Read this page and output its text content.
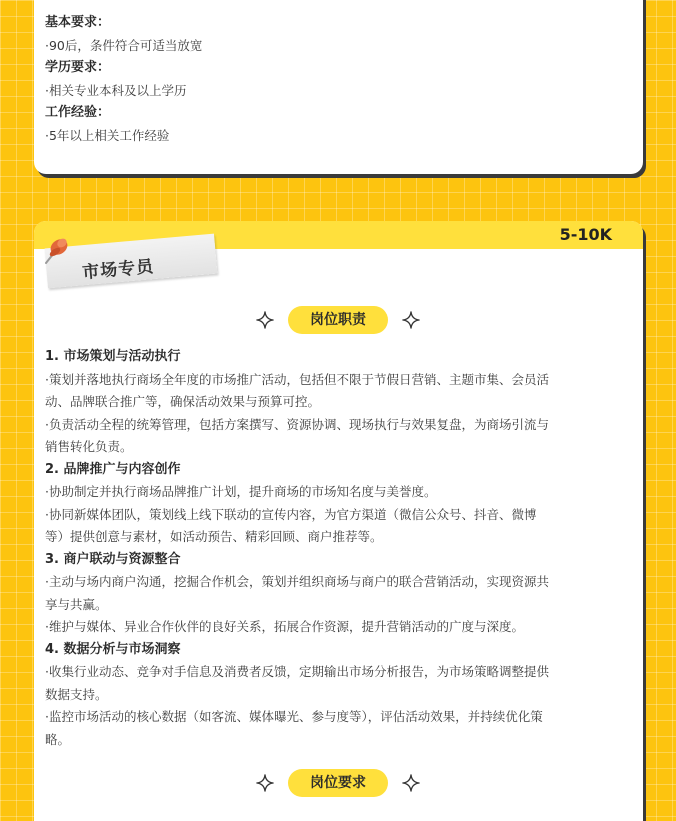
基本要求：
·90后，条件符合可适当放宽
学历要求：
·相关专业本科及以上学历
工作经验：
·5年以上相关工作经验
5-10K
市场专员
岗位职责
1. 市场策划与活动执行
·策划并落地执行商场全年度的市场推广活动，包括但不限于节假日营销、主题市集、会员活
动、品牌联合推广等，确保活动效果与预算可控。
·负责活动全程的统筹管理，包括方案撰写、资源协调、现场执行与效果复盘，为商场引流与
销售转化负责。
2. 品牌推广与内容创作
·协助制定并执行商场品牌推广计划，提升商场的市场知名度与美誉度。
·协同新媒体团队，策划线上线下联动的宣传内容，为官方渠道（微信公众号、抖音、微博
等）提供创意与素材，如活动预告、精彩回顾、商户推荐等。
3. 商户联动与资源整合
·主动与场内商户沟通，挖掘合作机会，策划并组织商场与商户的联合营销活动，实现资源共
享与共赢。
·维护与媒体、异业合作伙伴的良好关系，拓展合作资源，提升营销活动的广度与深度。
4. 数据分析与市场洞察
·收集行业动态、竞争对手信息及消费者反馈，定期输出市场分析报告，为市场策略调整提供
数据支持。
·监控市场活动的核心数据（如客流、媒体曝光、参与度等），评估活动效果，并持续优化策
略。
岗位要求
